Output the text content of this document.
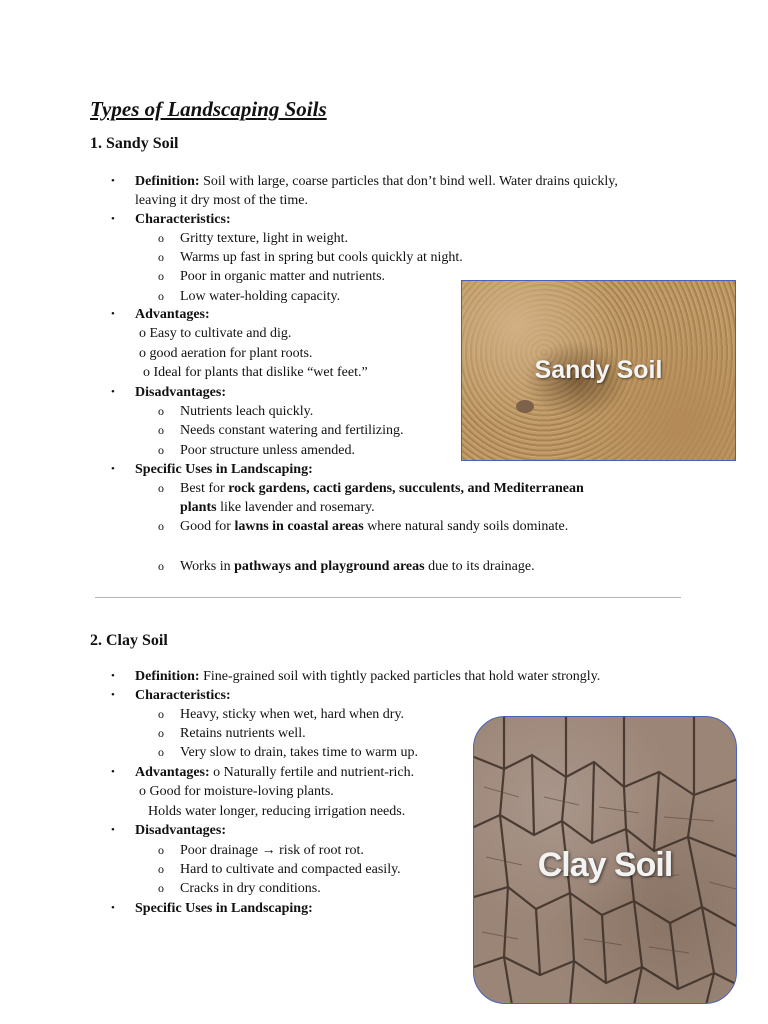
Types of Landscaping Soils
1. Sandy Soil
• Definition: Soil with large, coarse particles that don’t bind well. Water drains quickly,
leaving it dry most of the time.
• Characteristics:
o Gritty texture, light in weight.
o Warms up fast in spring but cools quickly at night.
o Poor in organic matter and nutrients.
o Low water-holding capacity.
• Advantages:
o Easy to cultivate and dig.
o good aeration for plant roots.
o Ideal for plants that dislike “wet feet.”
• Disadvantages:
o Nutrients leach quickly.
o Needs constant watering and fertilizing.
o Poor structure unless amended.
• Specific Uses in Landscaping:
o Best for rock gardens, cacti gardens, succulents, and Mediterranean
plants like lavender and rosemary.
o Good for lawns in coastal areas where natural sandy soils dominate.
o Works in pathways and playground areas due to its drainage.
Sandy Soil
2. Clay Soil
• Definition: Fine-grained soil with tightly packed particles that hold water strongly.
• Characteristics:
o Heavy, sticky when wet, hard when dry.
o Retains nutrients well.
o Very slow to drain, takes time to warm up.
• Advantages: o Naturally fertile and nutrient-rich.
o Good for moisture-loving plants.
Holds water longer, reducing irrigation needs.
• Disadvantages:
o Poor drainage → risk of root rot.
o Hard to cultivate and compacted easily.
o Cracks in dry conditions.
• Specific Uses in Landscaping:
Clay Soil
